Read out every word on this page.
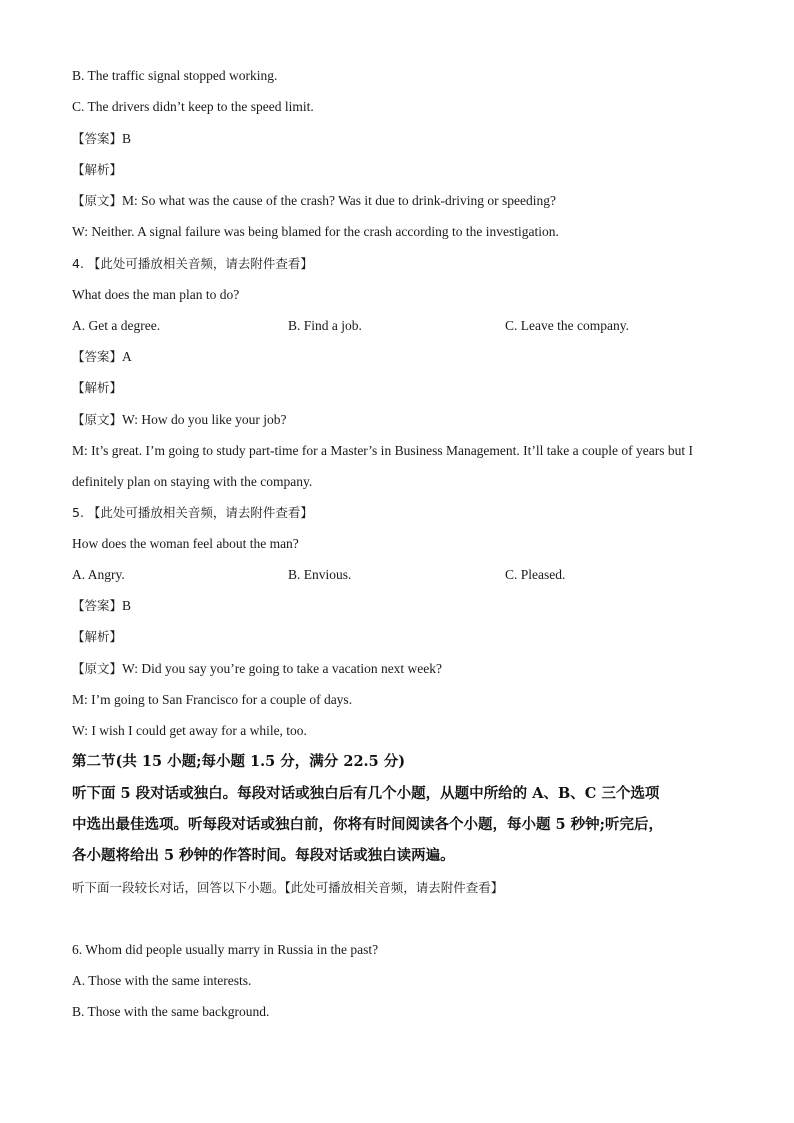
B. The traffic signal stopped working.
C. The drivers didn’t keep to the speed limit.
【答案】B
【解析】
【原文】M: So what was the cause of the crash? Was it due to drink-driving or speeding?
W: Neither. A signal failure was being blamed for the crash according to the investigation.
4. 【此处可播放相关音频，请去附件查看】
What does the man plan to do?
A. Get a degree.	B. Find a job.	C. Leave the company.
【答案】A
【解析】
【原文】W: How do you like your job?
M: It’s great. I’m going to study part-time for a Master’s in Business Management. It’ll take a couple of years but I
definitely plan on staying with the company.
5. 【此处可播放相关音频，请去附件查看】
How does the woman feel about the man?
A. Angry.	B. Envious.	C. Pleased.
【答案】B
【解析】
【原文】W: Did you say you’re going to take a vacation next week?
M: I’m going to San Francisco for a couple of days.
W: I wish I could get away for a while, too.
第二节(共 15 小题;每小题 1.5 分，满分 22.5 分)
听下面 5 段对话或独白。每段对话或独白后有几个小题，从题中所给的 A、B、C 三个选项
中选出最佳选项。听每段对话或独白前，你将有时间阅读各个小题，每小题 5 秒钟;听完后，
各小题将给出 5 秒钟的作答时间。每段对话或独白读两遍。
听下面一段较长对话，回答以下小题。【此处可播放相关音频，请去附件查看】
6. Whom did people usually marry in Russia in the past?
A. Those with the same interests.
B. Those with the same background.
